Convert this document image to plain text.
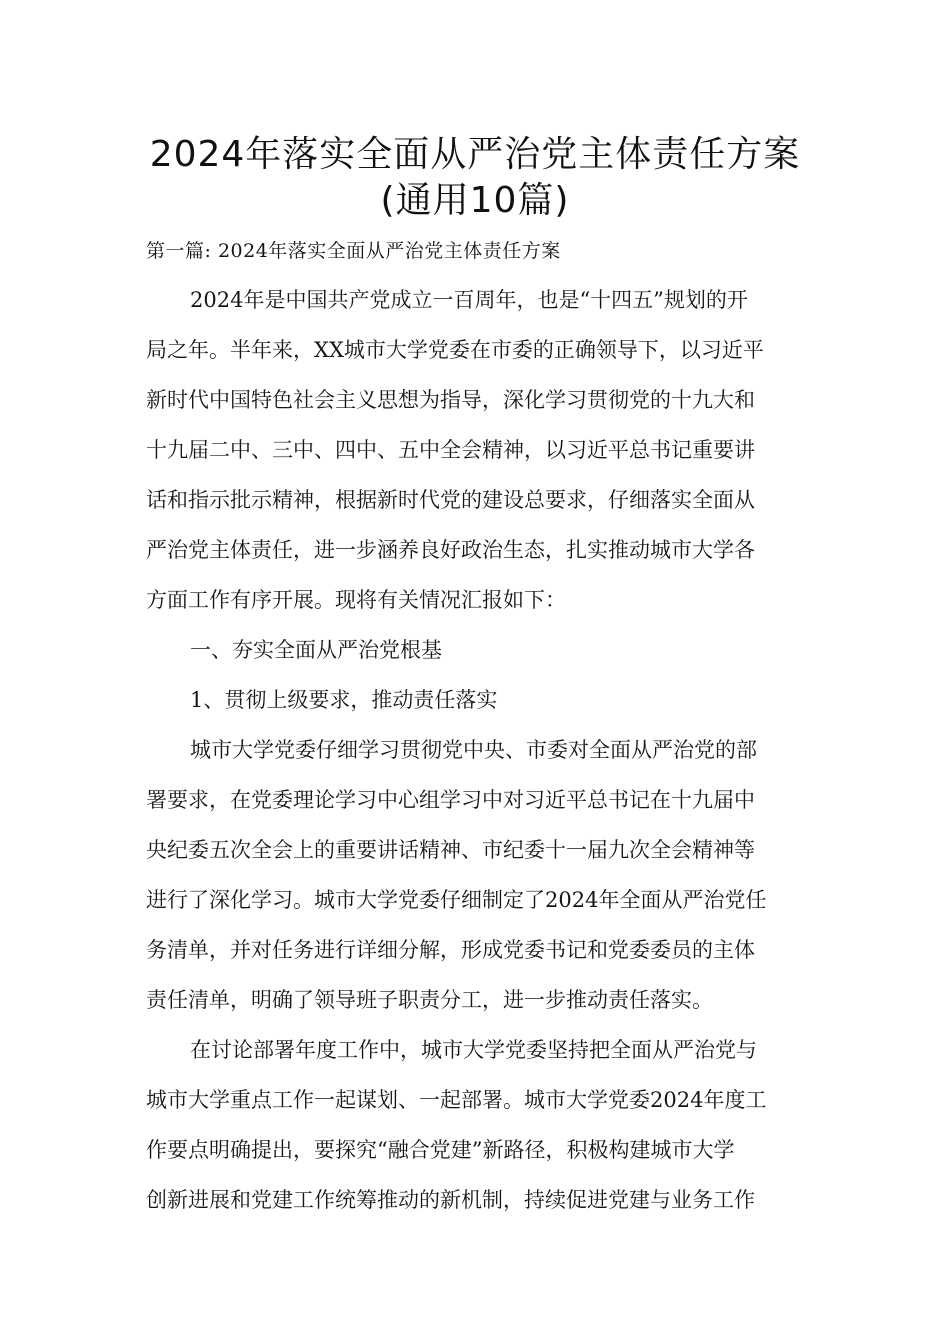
2024年落实全面从严治党主体责任方案
(通用10篇)
第一篇: 2024年落实全面从严治党主体责任方案
2024年是中国共产党成立一百周年，也是“十四五”规划的开
局之年。半年来，XX城市大学党委在市委的正确领导下，以习近平
新时代中国特色社会主义思想为指导，深化学习贯彻党的十九大和
十九届二中、三中、四中、五中全会精神，以习近平总书记重要讲
话和指示批示精神，根据新时代党的建设总要求，仔细落实全面从
严治党主体责任，进一步涵养良好政治生态，扎实推动城市大学各
方面工作有序开展。现将有关情况汇报如下：
一、夯实全面从严治党根基
1、贯彻上级要求，推动责任落实
城市大学党委仔细学习贯彻党中央、市委对全面从严治党的部
署要求，在党委理论学习中心组学习中对习近平总书记在十九届中
央纪委五次全会上的重要讲话精神、市纪委十一届九次全会精神等
进行了深化学习。城市大学党委仔细制定了2024年全面从严治党任
务清单，并对任务进行详细分解，形成党委书记和党委委员的主体
责任清单，明确了领导班子职责分工，进一步推动责任落实。
在讨论部署年度工作中，城市大学党委坚持把全面从严治党与
城市大学重点工作一起谋划、一起部署。城市大学党委2024年度工
作要点明确提出，要探究“融合党建”新路径，积极构建城市大学
创新进展和党建工作统筹推动的新机制，持续促进党建与业务工作
